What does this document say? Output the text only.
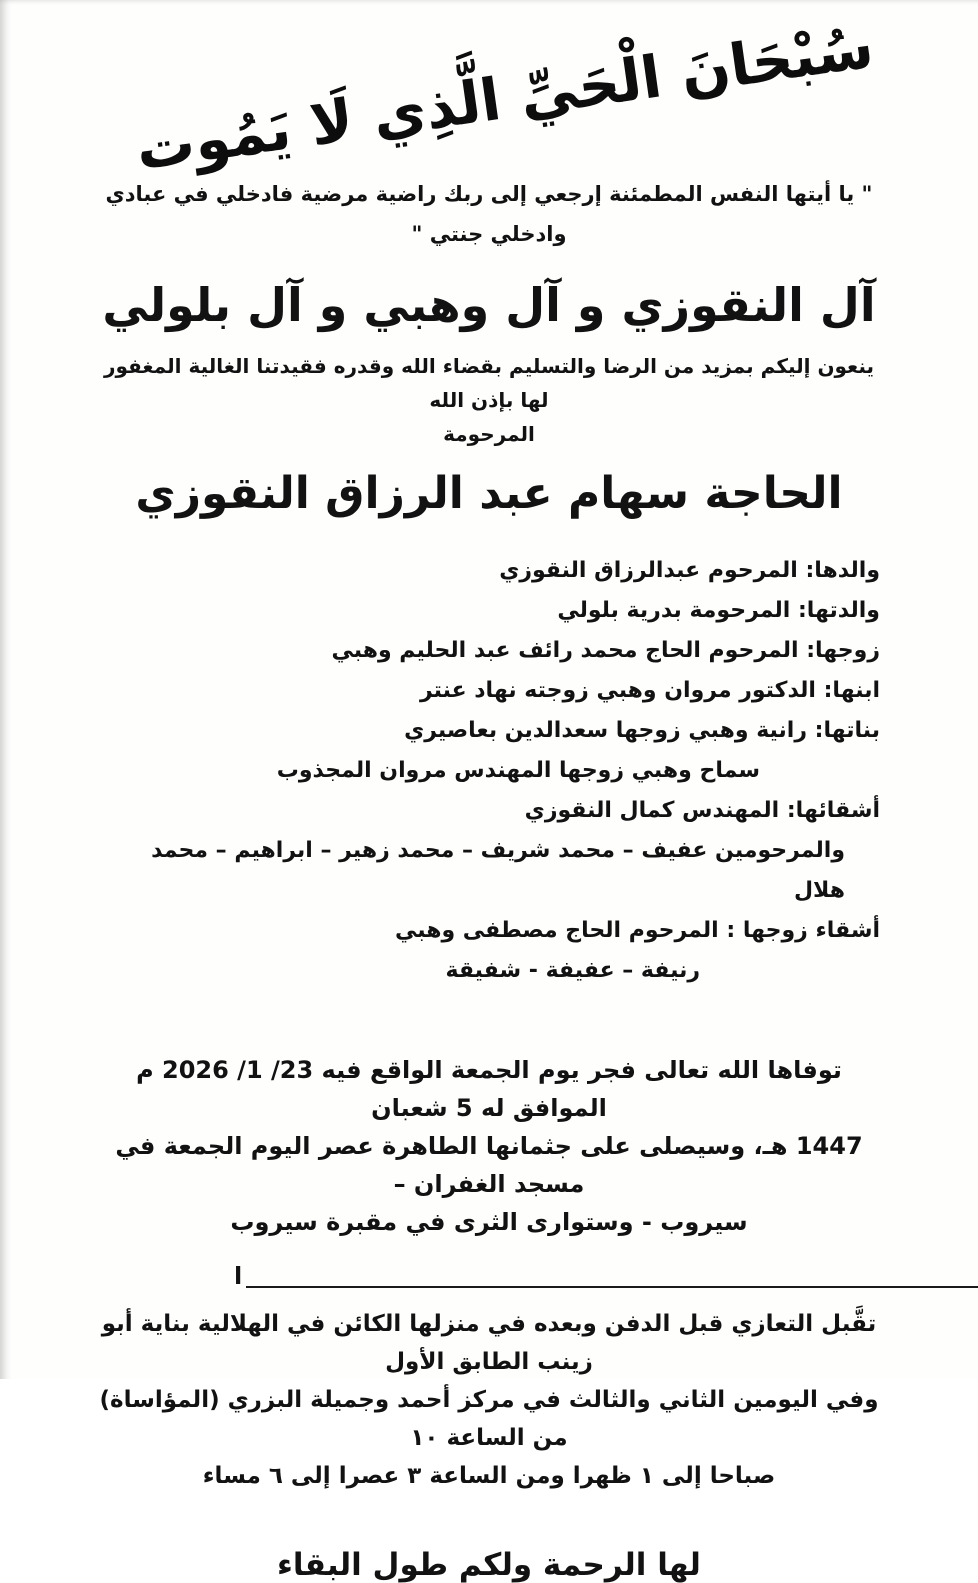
سُبْحَانَ الْحَيِّ الَّذِي لَا يَمُوت
" يا أيتها النفس المطمئنة إرجعي إلى ربك راضية مرضية فادخلي في عبادي وادخلي جنتي "
آل النقوزي و آل وهبي و آل بلولي
ينعون إليكم بمزيد من الرضا والتسليم بقضاء الله وقدره فقيدتنا الغالية المغفور لها بإذن الله
المرحومة
الحاجة سهام عبد الرزاق النقوزي
والدها: المرحوم عبدالرزاق النقوزي
والدتها: المرحومة بدرية بلولي
زوجها: المرحوم الحاج محمد رائف عبد الحليم وهبي
ابنها: الدكتور مروان وهبي زوجته نهاد عنتر
بناتها: رانية وهبي زوجها سعدالدين بعاصيري
سماح وهبي زوجها المهندس مروان المجذوب
أشقائها: المهندس كمال النقوزي
والمرحومين عفيف – محمد شريف – محمد زهير – ابراهيم – محمد هلال
أشقاء زوجها : المرحوم الحاج مصطفى وهبي
رنيفة – عفيفة - شفيقة
توفاها الله تعالى فجر يوم الجمعة الواقع فيه 23/ 1/ 2026 م الموافق له 5 شعبان
1447 هـ، وسيصلى على جثمانها الطاهرة عصر اليوم الجمعة في مسجد الغفران –
سيروب - وستوارى الثرى في مقبرة سيروب
ا
تقَّبل التعازي قبل الدفن وبعده في منزلها الكائن في الهلالية بناية أبو زينب الطابق الأول
وفي اليومين الثاني والثالث في مركز أحمد وجميلة البزري (المؤاساة) من الساعة ١٠
صباحا إلى ١ ظهرا ومن الساعة ٣ عصرا إلى ٦ مساء
لها الرحمة ولكم طول البقاء
